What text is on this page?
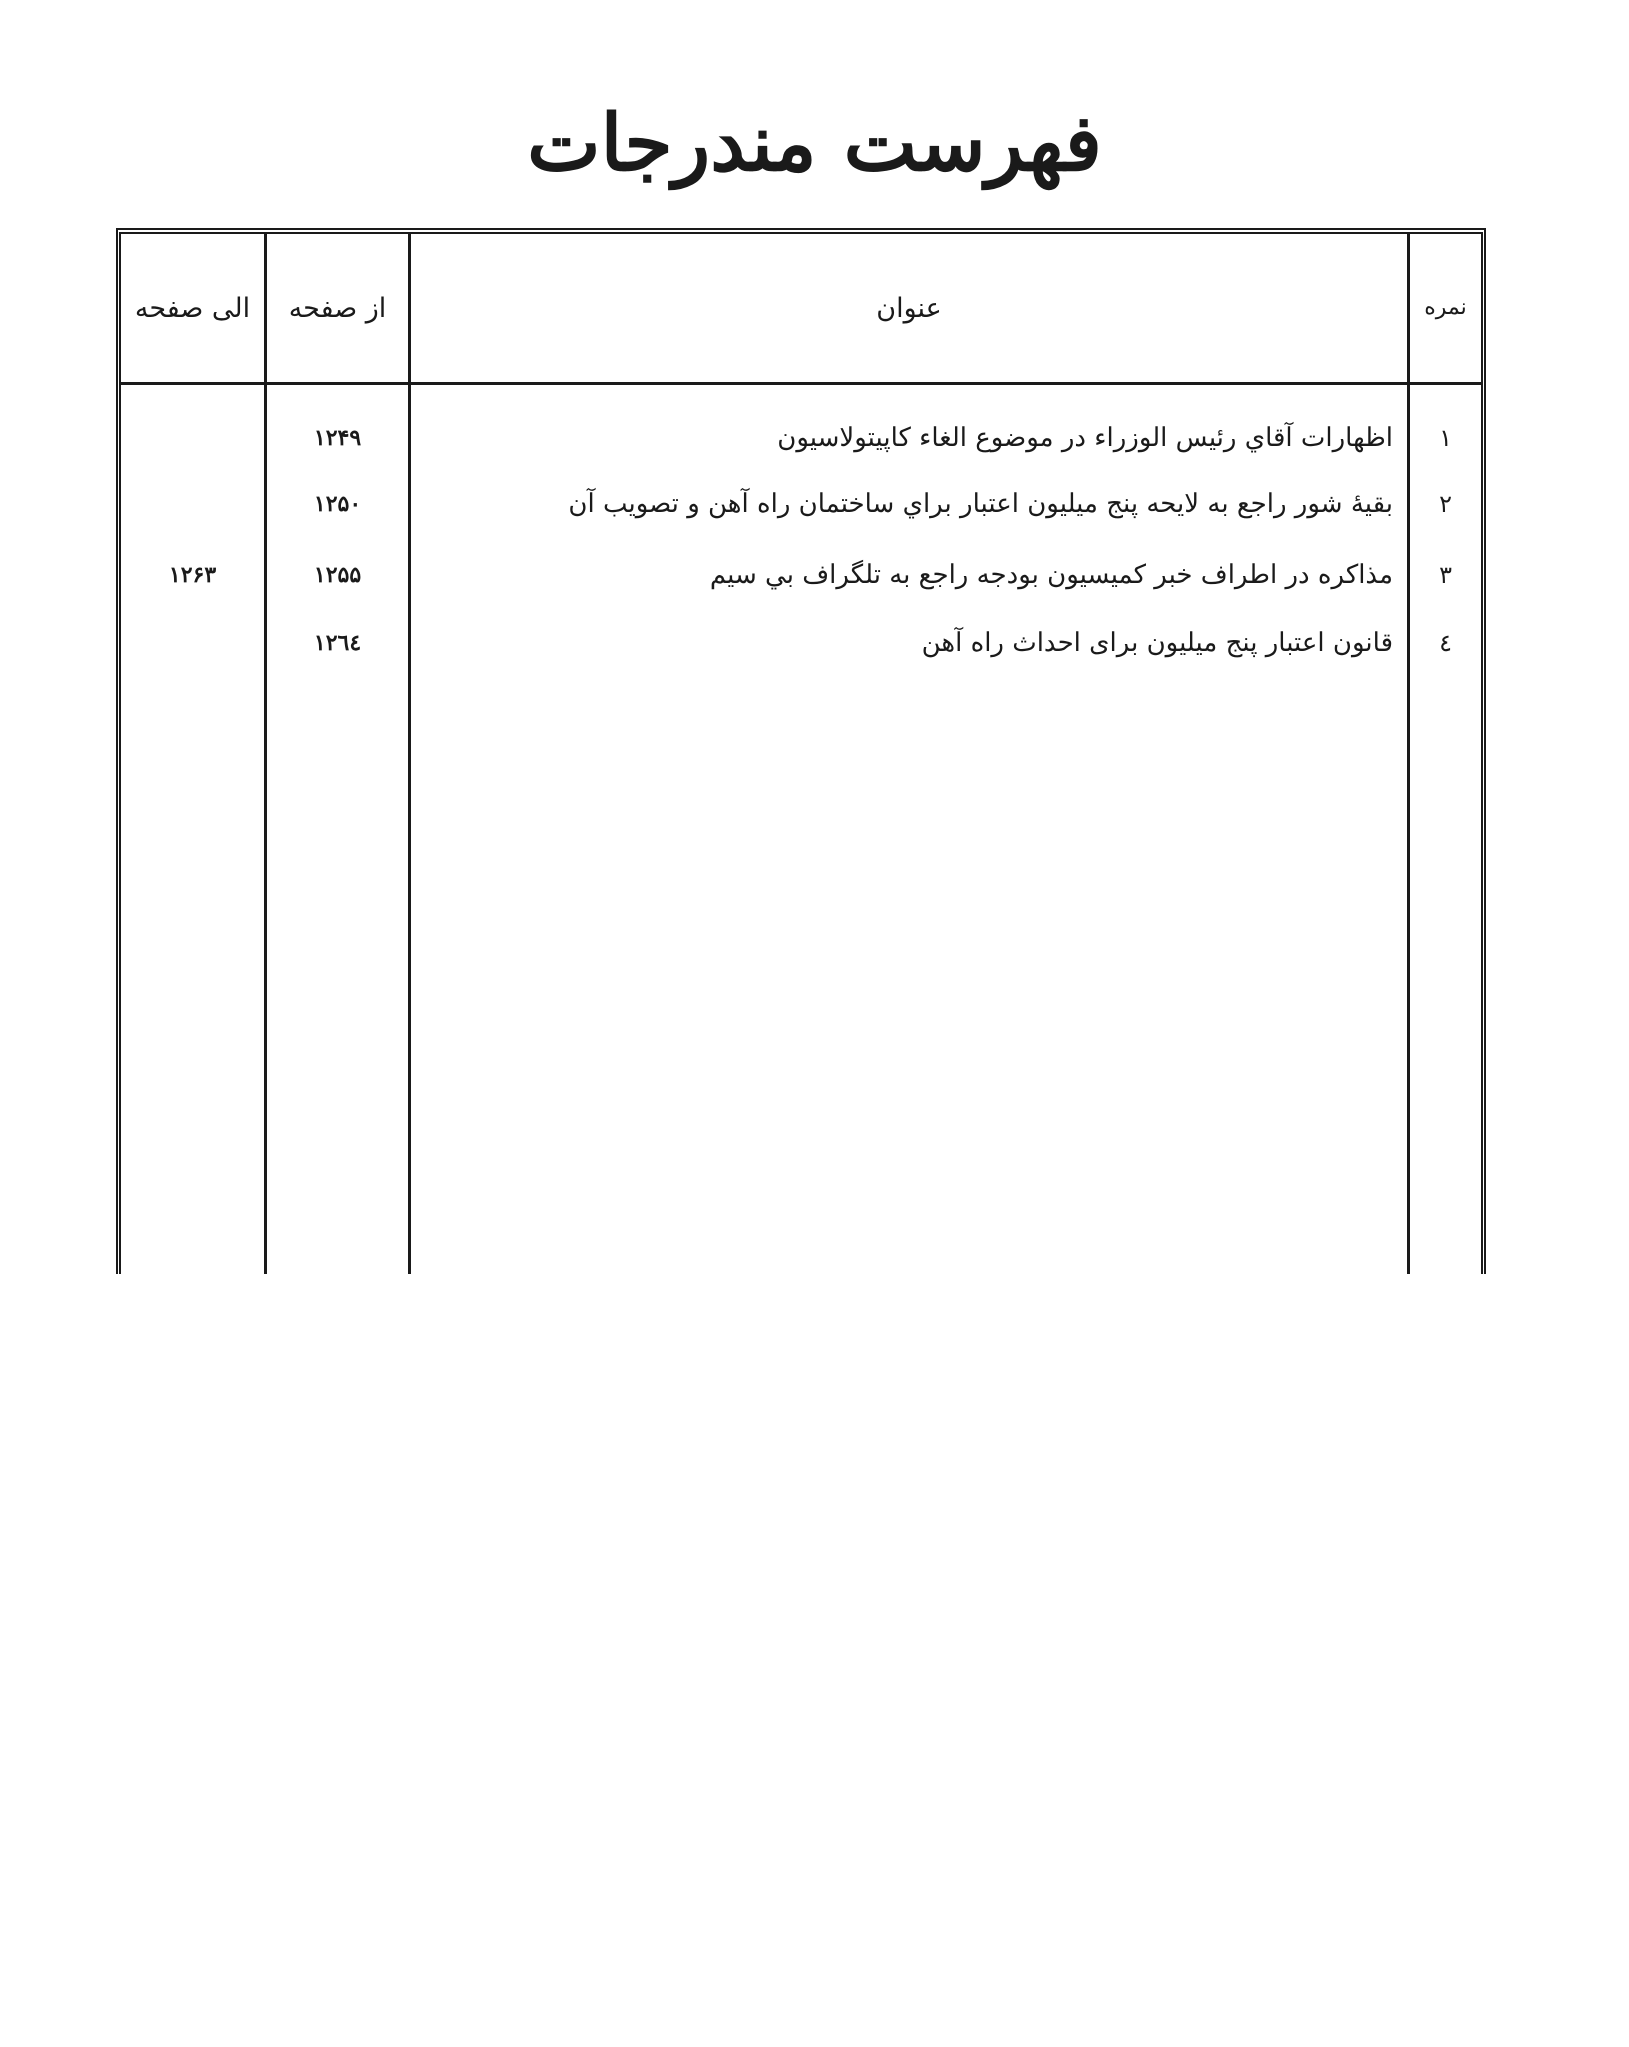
فهرست مندرجات
نمره
عنوان
از صفحه
الی صفحه
۱
اظهارات آقاي رئيس الوزراء در موضوع الغاء کاپيتولاسيون
۱۲۴۹
۲
بقيهٔ شور راجع به لايحه پنج ميليون اعتبار براي ساختمان راه آهن و تصويب آن
۱۲۵۰
۳
مذاکره در اطراف خبر کميسيون بودجه راجع به تلگراف بي سيم
۱۲۵۵
۱۲۶۳
٤
قانون اعتبار پنج ميليون براى احداث راه آهن
۱۲٦٤
